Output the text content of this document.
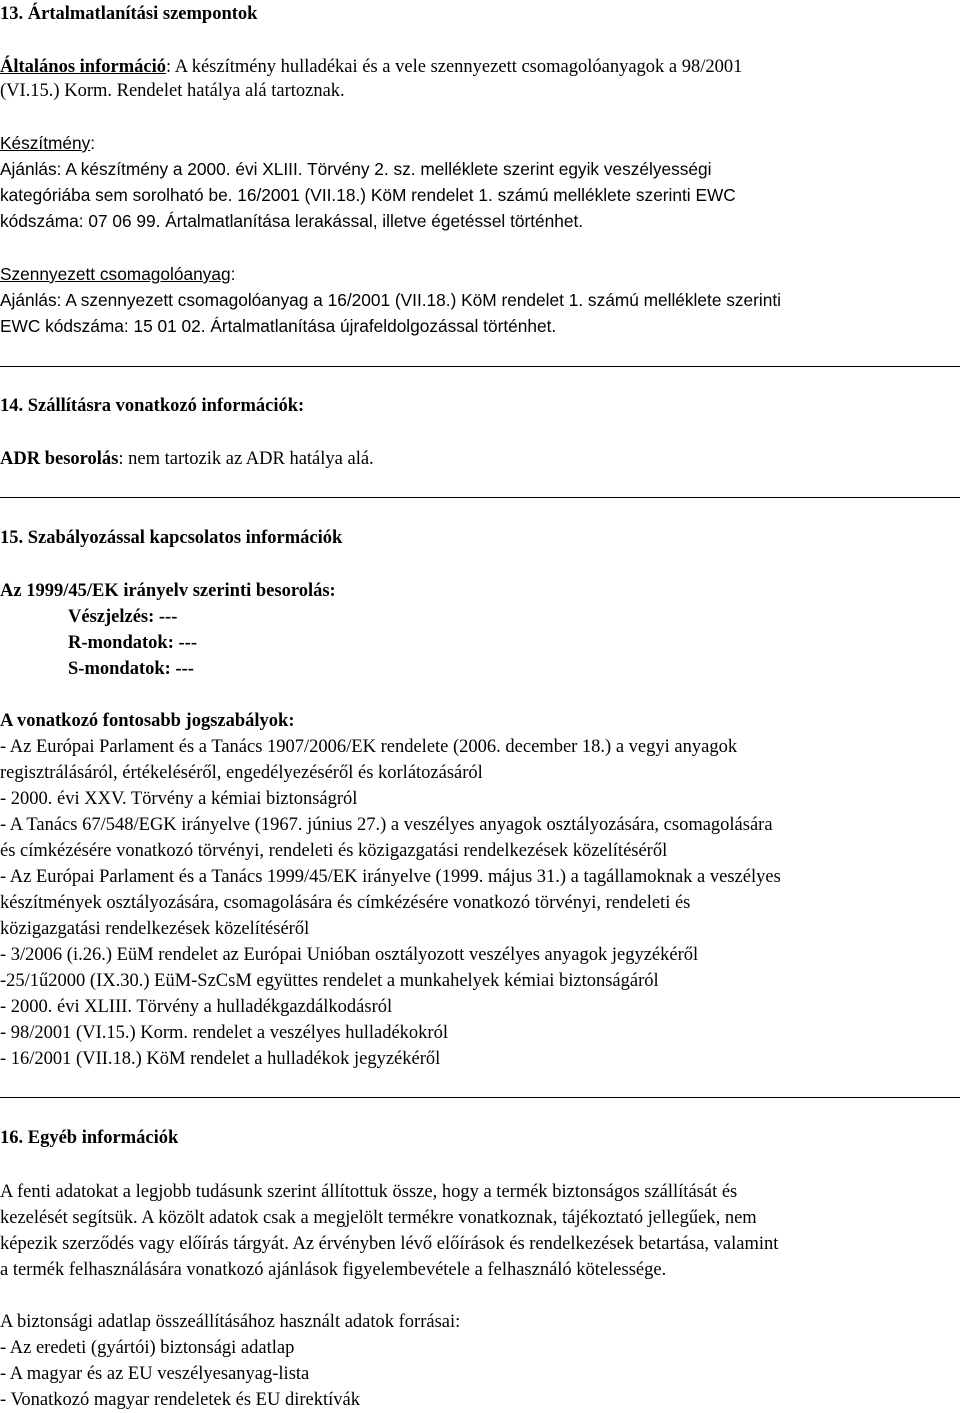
13. Ártalmatlanítási szempontok
Általános információ: A készítmény hulladékai és a vele szennyezett csomagolóanyagok a 98/2001
(VI.15.) Korm. Rendelet hatálya alá tartoznak.
Készítmény:
Ajánlás: A készítmény a 2000. évi XLIII. Törvény 2. sz. melléklete szerint egyik veszélyességi
kategóriába sem sorolható be. 16/2001 (VII.18.) KöM rendelet 1. számú melléklete szerinti EWC
kódszáma: 07 06 99. Ártalmatlanítása lerakással, illetve égetéssel történhet.
Szennyezett csomagolóanyag:
Ajánlás: A szennyezett csomagolóanyag a 16/2001 (VII.18.) KöM rendelet 1. számú melléklete szerinti
EWC kódszáma: 15 01 02. Ártalmatlanítása újrafeldolgozással történhet.
14. Szállításra vonatkozó információk:
ADR besorolás: nem tartozik az ADR hatálya alá.
15. Szabályozással kapcsolatos információk
Az 1999/45/EK irányelv szerinti besorolás:
Vészjelzés: ---
R-mondatok: ---
S-mondatok: ---
A vonatkozó fontosabb jogszabályok:
- Az Európai Parlament és a Tanács 1907/2006/EK rendelete (2006. december 18.) a vegyi anyagok
regisztrálásáról, értékeléséről, engedélyezéséről és korlátozásáról
- 2000. évi XXV. Törvény a kémiai biztonságról
- A Tanács 67/548/EGK irányelve (1967. június 27.) a veszélyes anyagok osztályozására, csomagolására
és címkézésére vonatkozó törvényi, rendeleti és közigazgatási rendelkezések közelítéséről
- Az Európai Parlament és a Tanács 1999/45/EK irányelve (1999. május 31.) a tagállamoknak a veszélyes
készítmények osztályozására, csomagolására és címkézésére vonatkozó törvényi, rendeleti és
közigazgatási rendelkezések közelítéséről
- 3/2006 (i.26.) EüM rendelet az Európai Unióban osztályozott veszélyes anyagok jegyzékéről
-25/1ű2000 (IX.30.) EüM-SzCsM együttes rendelet a munkahelyek kémiai biztonságáról
- 2000. évi XLIII. Törvény a hulladékgazdálkodásról
- 98/2001 (VI.15.) Korm. rendelet a veszélyes hulladékokról
- 16/2001 (VII.18.) KöM rendelet a hulladékok jegyzékéről
16. Egyéb információk
A fenti adatokat a legjobb tudásunk szerint állítottuk össze, hogy a termék biztonságos szállítását és
kezelését segítsük. A közölt adatok csak a megjelölt termékre vonatkoznak, tájékoztató jellegűek, nem
képezik szerződés vagy előírás tárgyát. Az érvényben lévő előírások és rendelkezések betartása, valamint
a termék felhasználására vonatkozó ajánlások figyelembevétele a felhasználó kötelessége.
A biztonsági adatlap összeállításához használt adatok forrásai:
- Az eredeti (gyártói) biztonsági adatlap
- A magyar és az EU veszélyesanyag-lista
- Vonatkozó magyar rendeletek és EU direktívák
